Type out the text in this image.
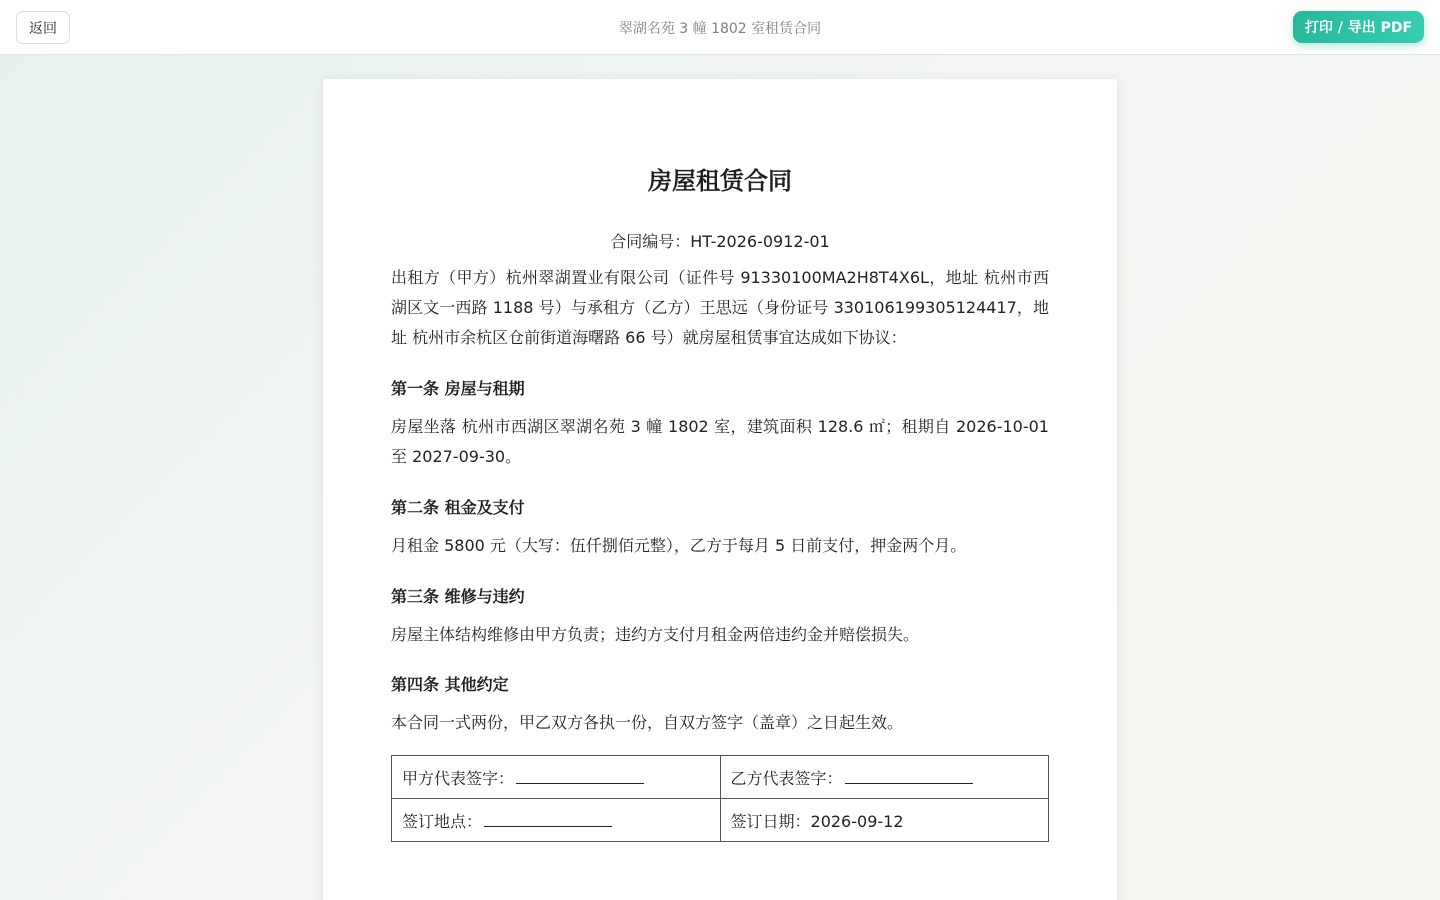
返回	翠湖名苑 3 幢 1802 室租赁合同	打印 / 导出 PDF
房屋租赁合同
合同编号：HT-2026-0912-01
出租方（甲方）杭州翠湖置业有限公司（证件号 91330100MA2H8T4X6L，地址 杭州市西湖区文一西路 1188 号）与承租方（乙方）王思远（身份证号 330106199305124417，地址 杭州市余杭区仓前街道海曙路 66 号）就房屋租赁事宜达成如下协议：
第一条 房屋与租期
房屋坐落 杭州市西湖区翠湖名苑 3 幢 1802 室，建筑面积 128.6 ㎡；租期自 2026-10-01 至 2027-09-30。
第二条 租金及支付
月租金 5800 元（大写：伍仟捌佰元整），乙方于每月 5 日前支付，押金两个月。
第三条 维修与违约
房屋主体结构维修由甲方负责；违约方支付月租金两倍违约金并赔偿损失。
第四条 其他约定
本合同一式两份，甲乙双方各执一份，自双方签字（盖章）之日起生效。
甲方代表签字：	乙方代表签字：
签订地点：	签订日期：2026-09-12
